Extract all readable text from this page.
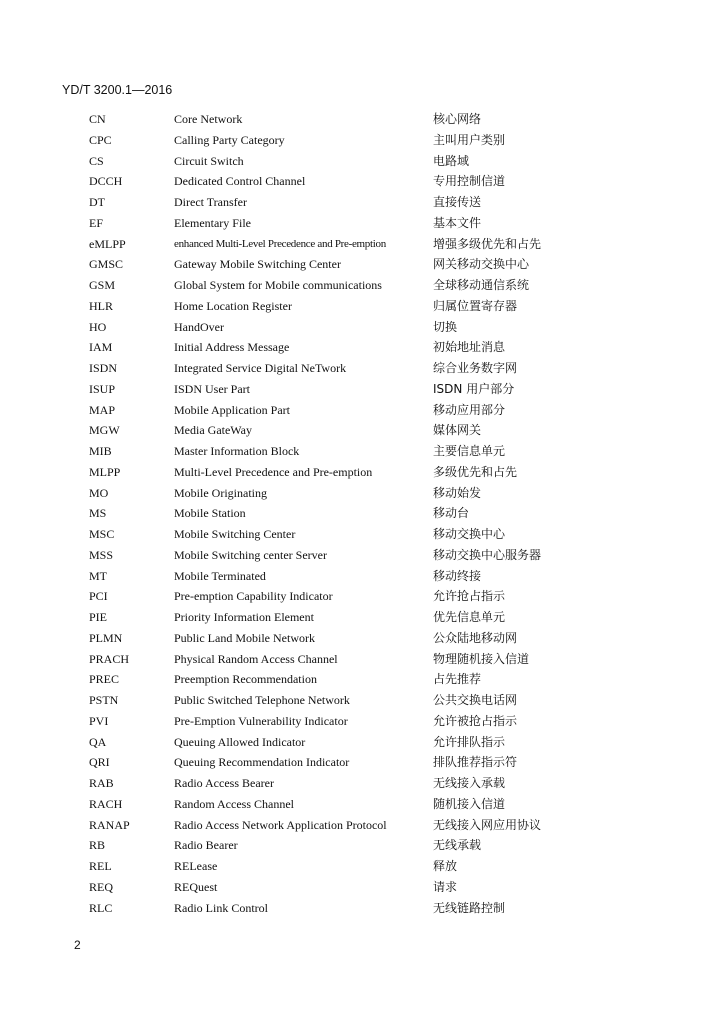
YD/T 3200.1—2016
CN	Core Network	核心网络
CPC	Calling Party Category	主叫用户类别
CS	Circuit Switch	电路域
DCCH	Dedicated Control Channel	专用控制信道
DT	Direct Transfer	直接传送
EF	Elementary File	基本文件
eMLPP	enhanced Multi-Level Precedence and Pre-emption	增强多级优先和占先
GMSC	Gateway Mobile Switching Center	网关移动交换中心
GSM	Global System for Mobile communications	全球移动通信系统
HLR	Home Location Register	归属位置寄存器
HO	HandOver	切换
IAM	Initial Address Message	初始地址消息
ISDN	Integrated Service Digital NeTwork	综合业务数字网
ISUP	ISDN User Part	ISDN 用户部分
MAP	Mobile Application Part	移动应用部分
MGW	Media GateWay	媒体网关
MIB	Master Information Block	主要信息单元
MLPP	Multi-Level Precedence and Pre-emption	多级优先和占先
MO	Mobile Originating	移动始发
MS	Mobile Station	移动台
MSC	Mobile Switching Center	移动交换中心
MSS	Mobile Switching center Server	移动交换中心服务器
MT	Mobile Terminated	移动终接
PCI	Pre-emption Capability Indicator	允许抢占指示
PIE	Priority Information Element	优先信息单元
PLMN	Public Land Mobile Network	公众陆地移动网
PRACH	Physical Random Access Channel	物理随机接入信道
PREC	Preemption Recommendation	占先推荐
PSTN	Public Switched Telephone Network	公共交换电话网
PVI	Pre-Emption Vulnerability Indicator	允许被抢占指示
QA	Queuing Allowed Indicator	允许排队指示
QRI	Queuing Recommendation Indicator	排队推荐指示符
RAB	Radio Access Bearer	无线接入承载
RACH	Random Access Channel	随机接入信道
RANAP	Radio Access Network Application Protocol	无线接入网应用协议
RB	Radio Bearer	无线承载
REL	RELease	释放
REQ	REQuest	请求
RLC	Radio Link Control	无线链路控制
2
